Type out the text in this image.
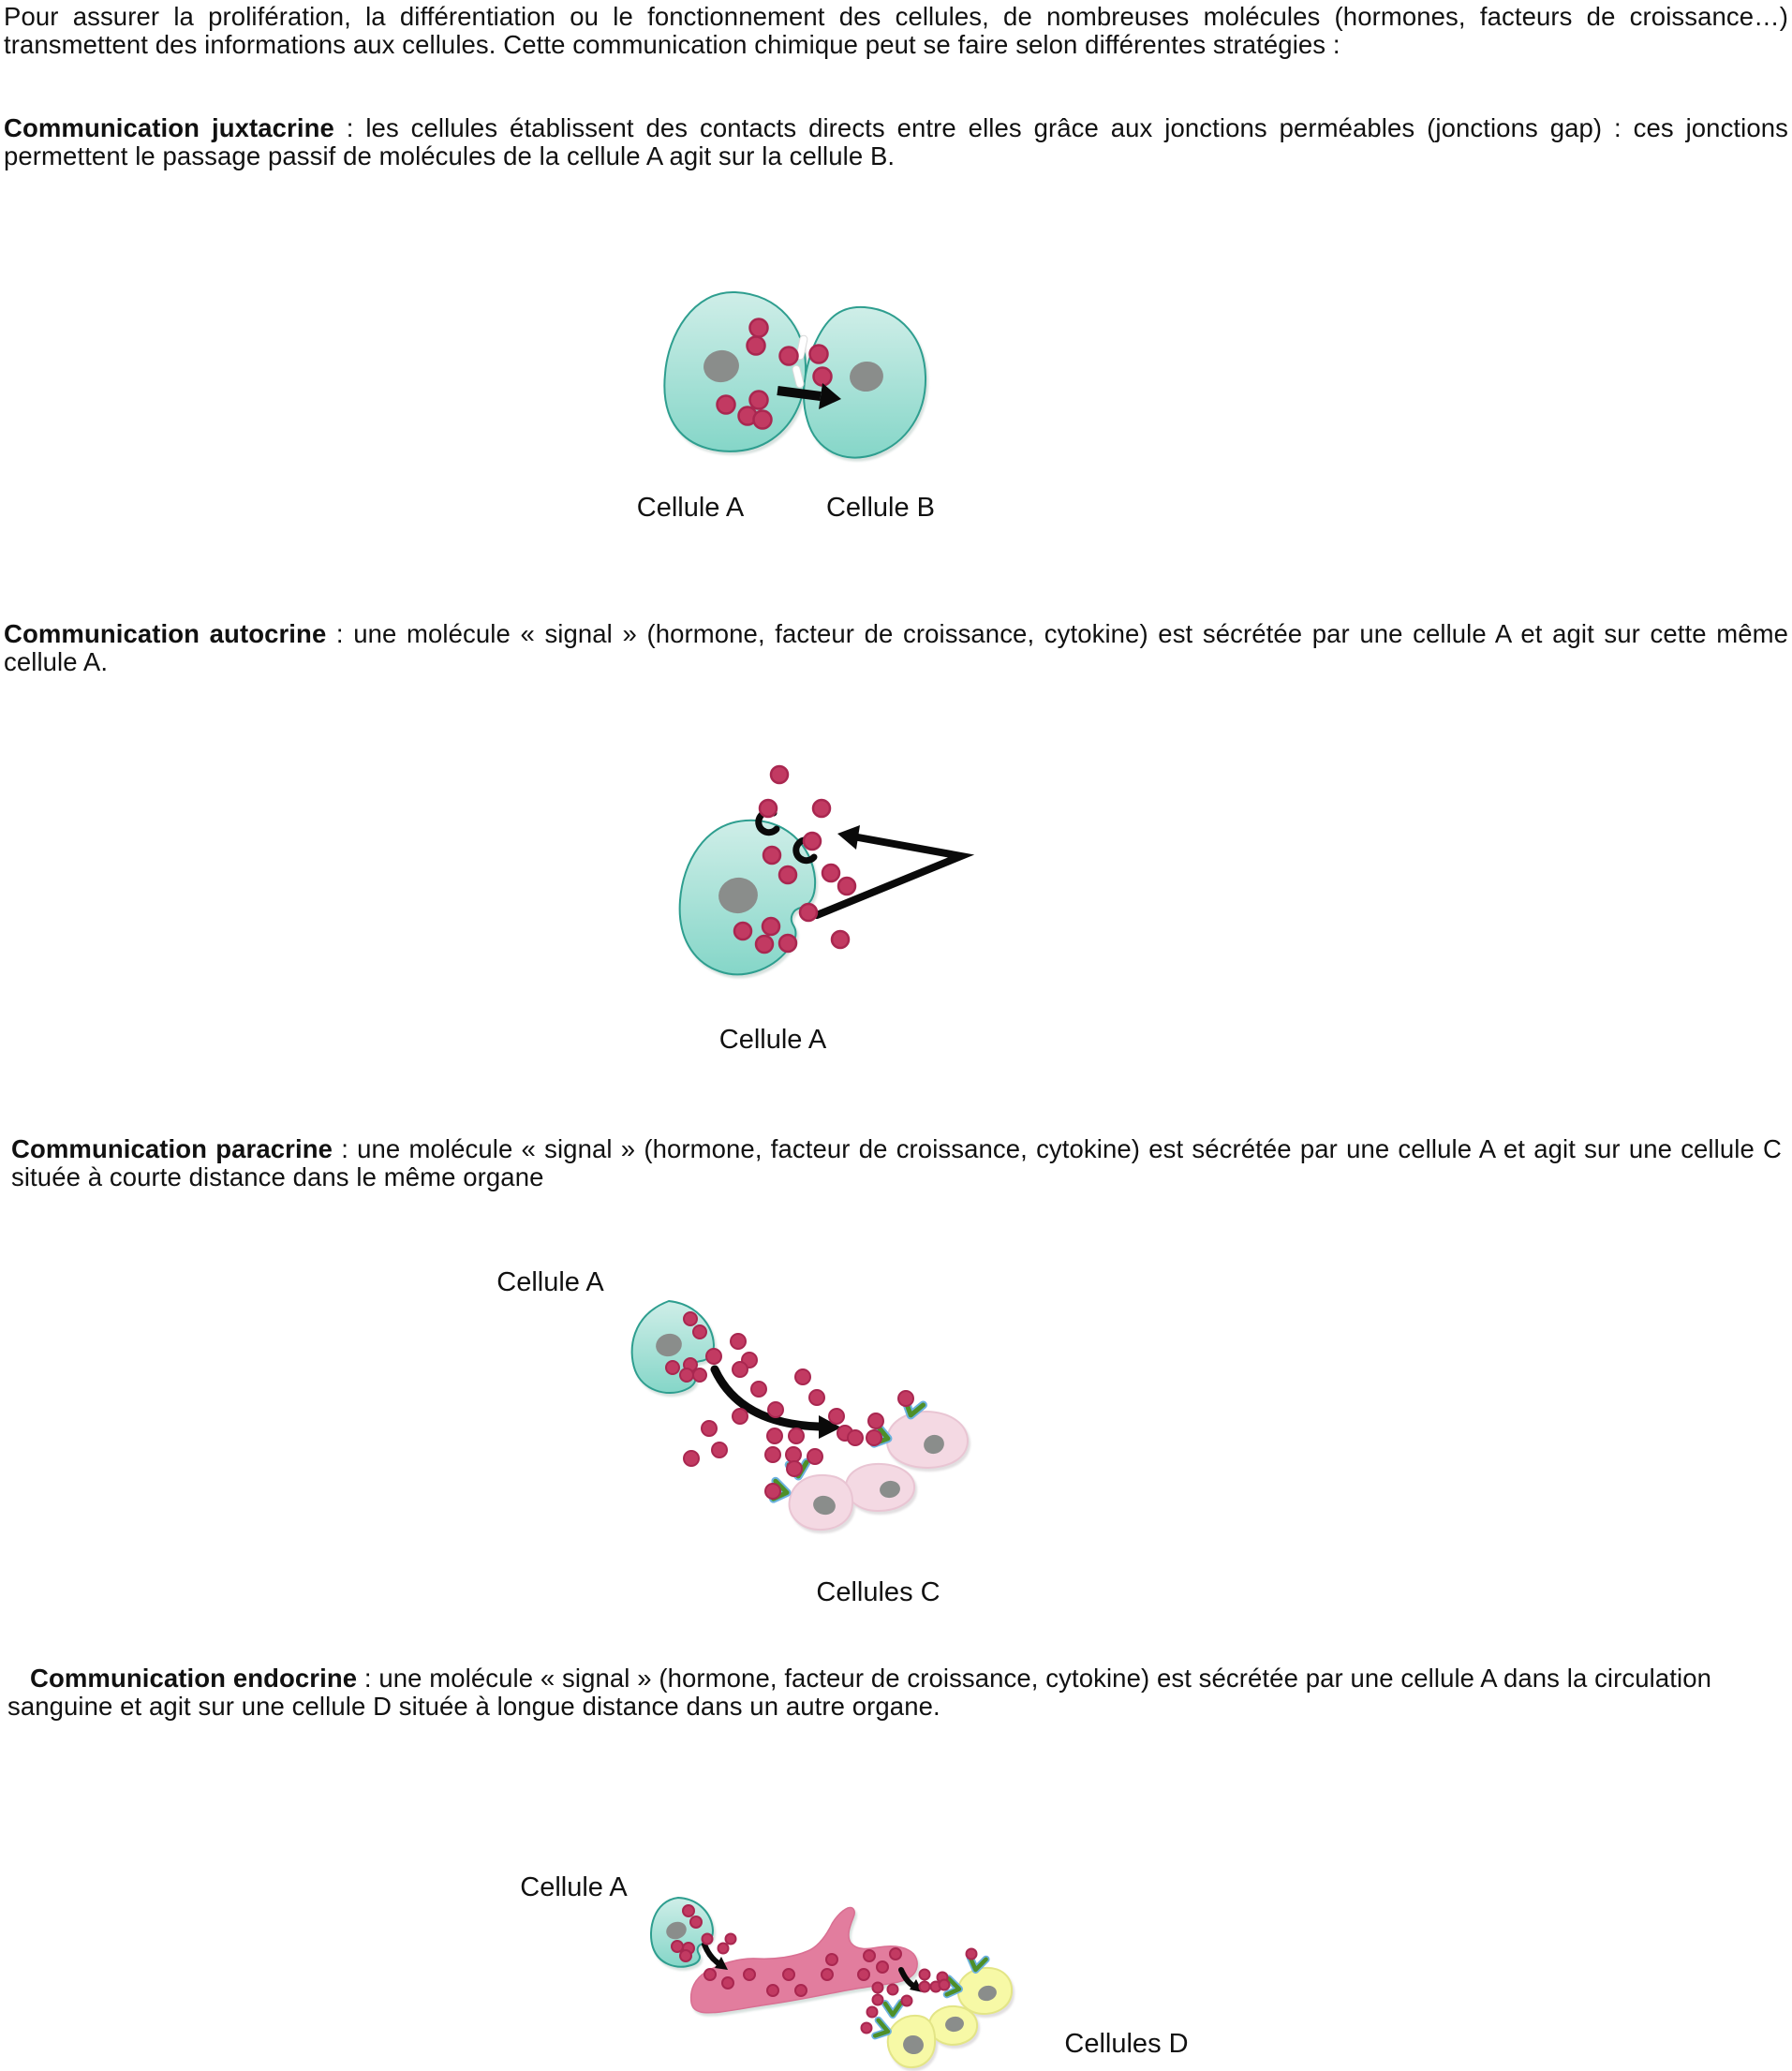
Pour assurer la prolifération, la différentiation ou le fonctionnement des cellules, de nombreuses molécules (hormones, facteurs de croissance…) transmettent des informations aux cellules. Cette communication chimique peut se faire selon différentes stratégies :

Communication juxtacrine : les cellules établissent des contacts directs entre elles grâce aux jonctions perméables (jonctions gap) : ces jonctions permettent le passage passif de molécules de la cellule A agit sur la cellule B.

Communication autocrine : une molécule « signal » (hormone, facteur de croissance, cytokine) est sécrétée par une cellule A et agit sur cette même cellule A.

Communication paracrine : une molécule « signal » (hormone, facteur de croissance, cytokine) est sécrétée par une cellule A et agit sur une cellule C située à courte distance dans le même organe

Communication endocrine : une molécule « signal » (hormone, facteur de croissance, cytokine) est sécrétée par une cellule A dans la circulation sanguine et agit sur une cellule D située à longue distance dans un autre organe.

Cellule A	Cellule B
Cellule A
Cellule A
Cellules C
Cellule A
Cellules D
